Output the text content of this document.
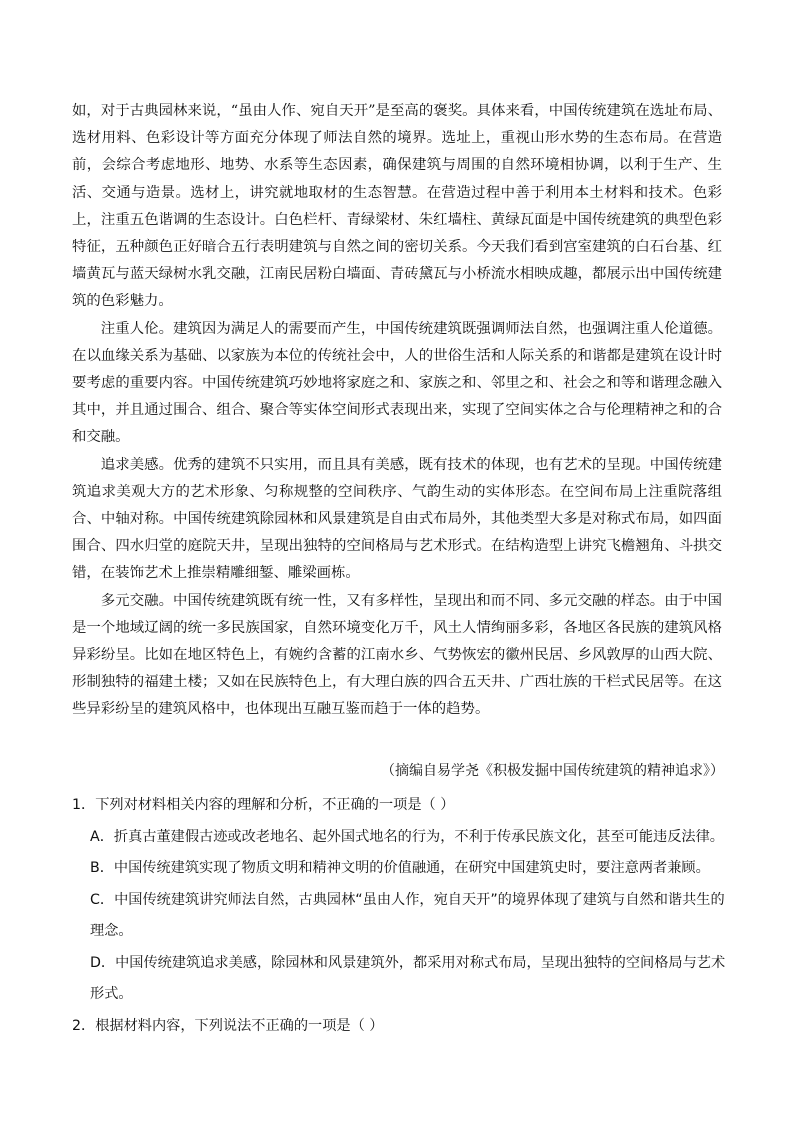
如，对于古典园林来说，“虽由人作、宛自天开”是至高的褒奖。具体来看，中国传统建筑在选址布局、选材用料、色彩设计等方面充分体现了师法自然的境界。选址上，重视山形水势的生态布局。在营造前，会综合考虑地形、地势、水系等生态因素，确保建筑与周围的自然环境相协调，以利于生产、生活、交通与造景。选材上，讲究就地取材的生态智慧。在营造过程中善于利用本土材料和技术。色彩上，注重五色谐调的生态设计。白色栏杆、青绿梁材、朱红墙柱、黄绿瓦面是中国传统建筑的典型色彩特征，五种颜色正好暗合五行表明建筑与自然之间的密切关系。今天我们看到宫室建筑的白石台基、红墙黄瓦与蓝天绿树水乳交融，江南民居粉白墙面、青砖黛瓦与小桥流水相映成趣，都展示出中国传统建筑的色彩魅力。

注重人伦。建筑因为满足人的需要而产生，中国传统建筑既强调师法自然，也强调注重人伦道德。在以血缘关系为基础、以家族为本位的传统社会中，人的世俗生活和人际关系的和谐都是建筑在设计时要考虑的重要内容。中国传统建筑巧妙地将家庭之和、家族之和、邻里之和、社会之和等和谐理念融入其中，并且通过围合、组合、聚合等实体空间形式表现出来，实现了空间实体之合与伦理精神之和的合和交融。

追求美感。优秀的建筑不只实用，而且具有美感，既有技术的体现，也有艺术的呈现。中国传统建筑追求美观大方的艺术形象、匀称规整的空间秩序、气韵生动的实体形态。在空间布局上注重院落组合、中轴对称。中国传统建筑除园林和风景建筑是自由式布局外，其他类型大多是对称式布局，如四面围合、四水归堂的庭院天井，呈现出独特的空间格局与艺术形式。在结构造型上讲究飞檐翘角、斗拱交错，在装饰艺术上推崇精雕细錾、雕梁画栋。

多元交融。中国传统建筑既有统一性，又有多样性，呈现出和而不同、多元交融的样态。由于中国是一个地域辽阔的统一多民族国家，自然环境变化万千，风土人情绚丽多彩，各地区各民族的建筑风格异彩纷呈。比如在地区特色上，有婉约含蓄的江南水乡、气势恢宏的徽州民居、乡风敦厚的山西大院、形制独特的福建土楼；又如在民族特色上，有大理白族的四合五天井、广西壮族的干栏式民居等。在这些异彩纷呈的建筑风格中，也体现出互融互鉴而趋于一体的趋势。

（摘编自易学尧《积极发掘中国传统建筑的精神追求》）

1．下列对材料相关内容的理解和分析，不正确的一项是（ ）

A．折真古董建假古迹或改老地名、起外国式地名的行为，不利于传承民族文化，甚至可能违反法律。

B．中国传统建筑实现了物质文明和精神文明的价值融通，在研究中国建筑史时，要注意两者兼顾。

C．中国传统建筑讲究师法自然，古典园林“虽由人作，宛自天开”的境界体现了建筑与自然和谐共生的理念。

D．中国传统建筑追求美感，除园林和风景建筑外，都采用对称式布局，呈现出独特的空间格局与艺术形式。

2．根据材料内容，下列说法不正确的一项是（ ）
